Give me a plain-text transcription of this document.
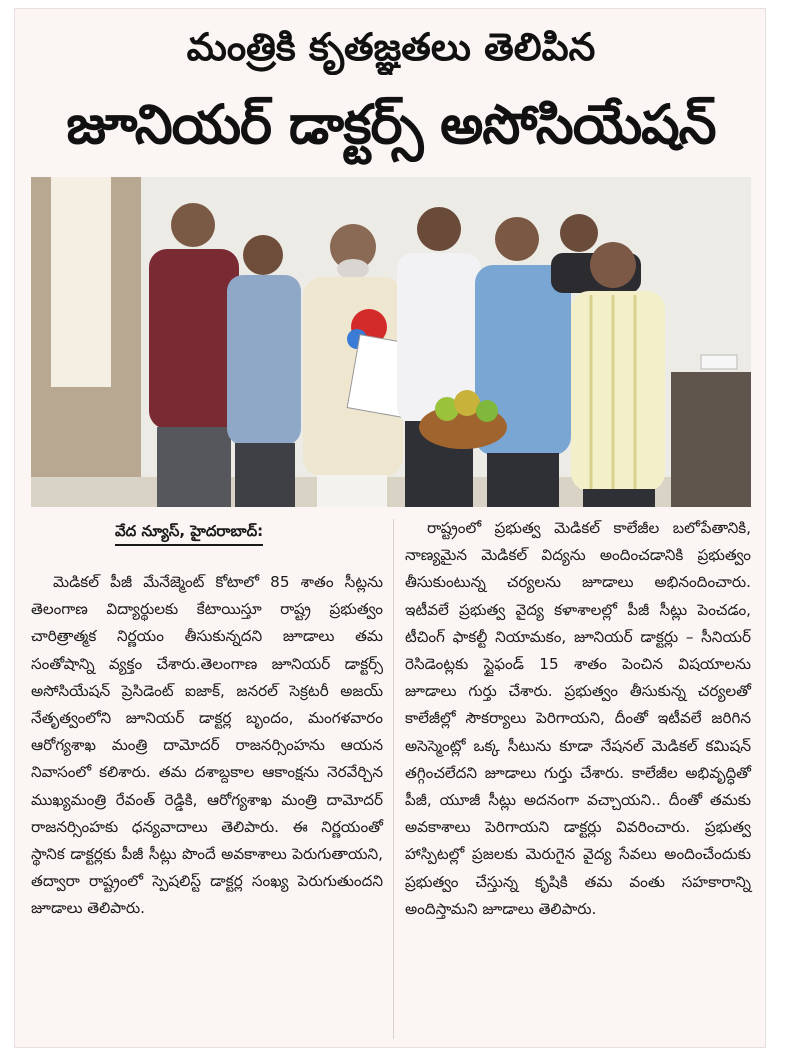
మంత్రికి కృతజ్ఞతలు తెలిపిన
జూనియర్ డాక్టర్స్ అసోసియేషన్
వేద న్యూస్, హైదరాబాద్:

మెడికల్ పీజీ మేనేజ్మెంట్ కోటాలో 85 శాతం సీట్లను తెలంగాణ విద్యార్థులకు కేటాయిస్తూ రాష్ట్ర ప్రభుత్వం చారిత్రాత్మక నిర్ణయం తీసుకున్నదని జూడాలు తమ సంతోషాన్ని వ్యక్తం చేశారు.తెలంగాణ జూనియర్ డాక్టర్స్ అసోసియేషన్ ప్రెసిడెంట్ ఐజాక్, జనరల్ సెక్రటరీ అజయ్ నేతృత్వంలోని జూనియర్ డాక్టర్ల బృందం, మంగళవారం ఆరోగ్యశాఖ మంత్రి దామోదర్ రాజనర్సింహను ఆయన నివాసంలో కలిశారు. తమ దశాబ్దకాల ఆకాంక్షను నెరవేర్చిన ముఖ్యమంత్రి రేవంత్ రెడ్డికి, ఆరోగ్యశాఖ మంత్రి దామోదర్ రాజనర్సింహకు ధన్యవాదాలు తెలిపారు. ఈ నిర్ణయంతో స్థానిక డాక్టర్లకు పీజీ సీట్లు పొందే అవకాశాలు పెరుగుతాయని, తద్వారా రాష్ట్రంలో స్పెషలిస్ట్ డాక్టర్ల సంఖ్య పెరుగుతుందని జూడాలు తెలిపారు.

రాష్ట్రంలో ప్రభుత్వ మెడికల్ కాలేజీల బలోపేతానికి, నాణ్యమైన మెడికల్ విద్యను అందించడానికి ప్రభుత్వం తీసుకుంటున్న చర్యలను జూడాలు అభినందించారు. ఇటీవలే ప్రభుత్వ వైద్య కళాశాలల్లో పీజీ సీట్లు పెంచడం, టీచింగ్ ఫాకల్టీ నియామకం, జూనియర్ డాక్టర్లు – సీనియర్ రెసిడెంట్లకు స్టైఫండ్ 15 శాతం పెంచిన విషయాలను జూడాలు గుర్తు చేశారు. ప్రభుత్వం తీసుకున్న చర్యలతో కాలేజీల్లో సౌకర్యాలు పెరిగాయని, దీంతో ఇటీవలే జరిగిన అసెస్మెంట్లో ఒక్క సీటును కూడా నేషనల్ మెడికల్ కమిషన్ తగ్గించలేదని జూడాలు గుర్తు చేశారు. కాలేజీల అభివృద్ధితో పీజీ, యూజీ సీట్లు అదనంగా వచ్చాయని.. దీంతో తమకు అవకాశాలు పెరిగాయని డాక్టర్లు వివరించారు. ప్రభుత్వ హాస్పిటల్లో ప్రజలకు మెరుగైన వైద్య సేవలు అందించేందుకు ప్రభుత్వం చేస్తున్న కృషికి తమ వంతు సహకారాన్ని అందిస్తామని జూడాలు తెలిపారు.
